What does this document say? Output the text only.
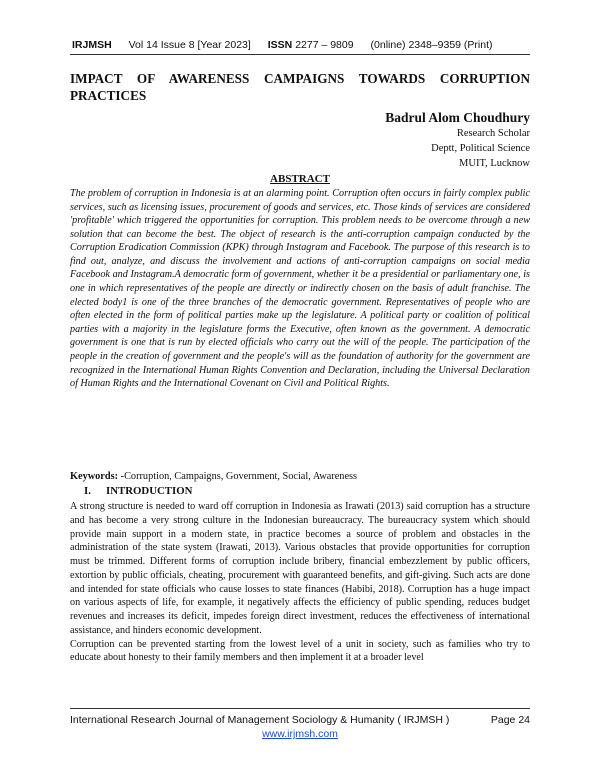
IRJMSH Vol 14 Issue 8 [Year 2023] ISSN 2277 – 9809 (0nline) 2348–9359 (Print)
IMPACT OF AWARENESS CAMPAIGNS TOWARDS CORRUPTION PRACTICES
Badrul Alom Choudhury
Research Scholar
Deptt, Political Science
MUIT, Lucknow
ABSTRACT
The problem of corruption in Indonesia is at an alarming point. Corruption often occurs in fairly complex public services, such as licensing issues, procurement of goods and services, etc. Those kinds of services are considered 'profitable' which triggered the opportunities for corruption. This problem needs to be overcome through a new solution that can become the best. The object of research is the anti-corruption campaign conducted by the Corruption Eradication Commission (KPK) through Instagram and Facebook. The purpose of this research is to find out, analyze, and discuss the involvement and actions of anti-corruption campaigns on social media Facebook and Instagram.A democratic form of government, whether it be a presidential or parliamentary one, is one in which representatives of the people are directly or indirectly chosen on the basis of adult franchise. The elected body1 is one of the three branches of the democratic government. Representatives of people who are often elected in the form of political parties make up the legislature. A political party or coalition of political parties with a majority in the legislature forms the Executive, often known as the government. A democratic government is one that is run by elected officials who carry out the will of the people. The participation of the people in the creation of government and the people's will as the foundation of authority for the government are recognized in the International Human Rights Convention and Declaration, including the Universal Declaration of Human Rights and the International Covenant on Civil and Political Rights.
Keywords: -Corruption, Campaigns, Government, Social, Awareness
I. INTRODUCTION

A strong structure is needed to ward off corruption in Indonesia as Irawati (2013) said corruption has a structure and has become a very strong culture in the Indonesian bureaucracy. The bureaucracy system which should provide main support in a modern state, in practice becomes a source of problem and obstacles in the administration of the state system (Irawati, 2013). Various obstacles that provide opportunities for corruption must be trimmed. Different forms of corruption include bribery, financial embezzlement by public officers, extortion by public officials, cheating, procurement with guaranteed benefits, and gift-giving. Such acts are done and intended for state officials who cause losses to state finances (Habibi, 2018). Corruption has a huge impact on various aspects of life, for example, it negatively affects the efficiency of public spending, reduces budget revenues and increases its deficit, impedes foreign direct investment, reduces the effectiveness of international assistance, and hinders economic development.

Corruption can be prevented starting from the lowest level of a unit in society, such as families who try to educate about honesty to their family members and then implement it at a broader level

International Research Journal of Management Sociology & Humanity ( IRJMSH )	Page 24
www.irjmsh.com
